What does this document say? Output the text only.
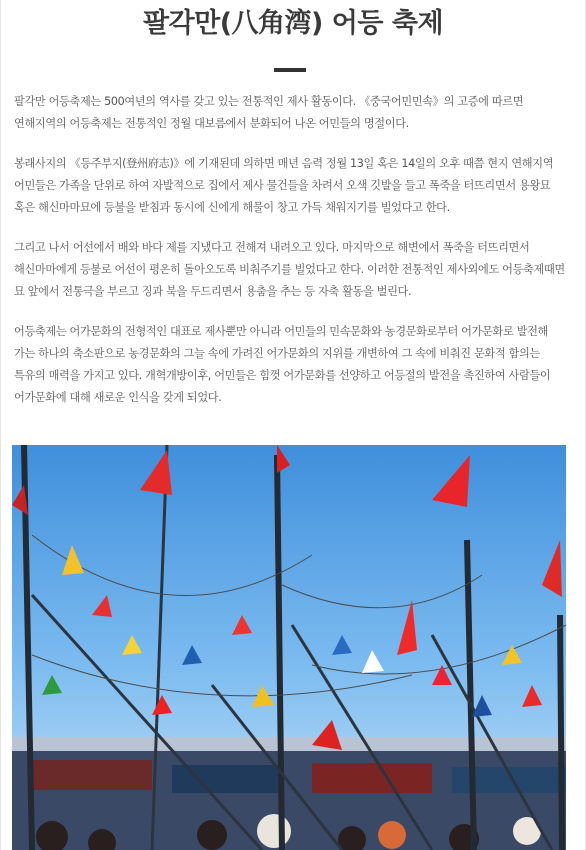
팔각만(八角湾) 어등 축제

팔각만 어등축제는 500여년의 역사를 갖고 있는 전통적인 제사 활동이다. 《중국어민민속》의 고증에 따르면 연해지역의 어등축제는 전통적인 정월 대보름에서 분화되어 나온 어민들의 명절이다.

봉래사지의 《등주부지(登州府志)》에 기재된데 의하면 매년 음력 정월 13일 혹은 14일의 오후 때쯤 현지 연해지역 어민들은 가족을 단위로 하여 자발적으로 집에서 제사 물건들을 차려서 오색 깃발을 들고 폭죽을 터뜨리면서 용왕묘 혹은 해신마마묘에 등불을 받침과 동시에 신에게 해물이 창고 가득 채워지기를 빌었다고 한다.

그리고 나서 어선에서 배와 바다 제를 지냈다고 전해져 내려오고 있다. 마지막으로 해변에서 폭죽을 터뜨리면서 해신마마에게 등불로 어선이 평온히 돌아오도록 비춰주기를 빌었다고 한다. 이러한 전통적인 제사외에도 어등축제때면 묘 앞에서 전통극을 부르고 징과 북을 두드리면서 용춤을 추는 등 자축 활동을 벌린다.

어등축제는 어가문화의 전형적인 대표로 제사뿐만 아니라 어민들의 민속문화와 농경문화로부터 어가문화로 발전해 가는 하나의 축소판으로 농경문화의 그늘 속에 가려진 어가문화의 지위를 개변하여 그 속에 비춰진 문화적 함의는 특유의 매력을 가지고 있다. 개혁개방이후, 어민들은 힘껏 어가문화를 선양하고 어등절의 발전을 촉진하여 사람들이 어가문화에 대해 새로운 인식을 갖게 되었다.
